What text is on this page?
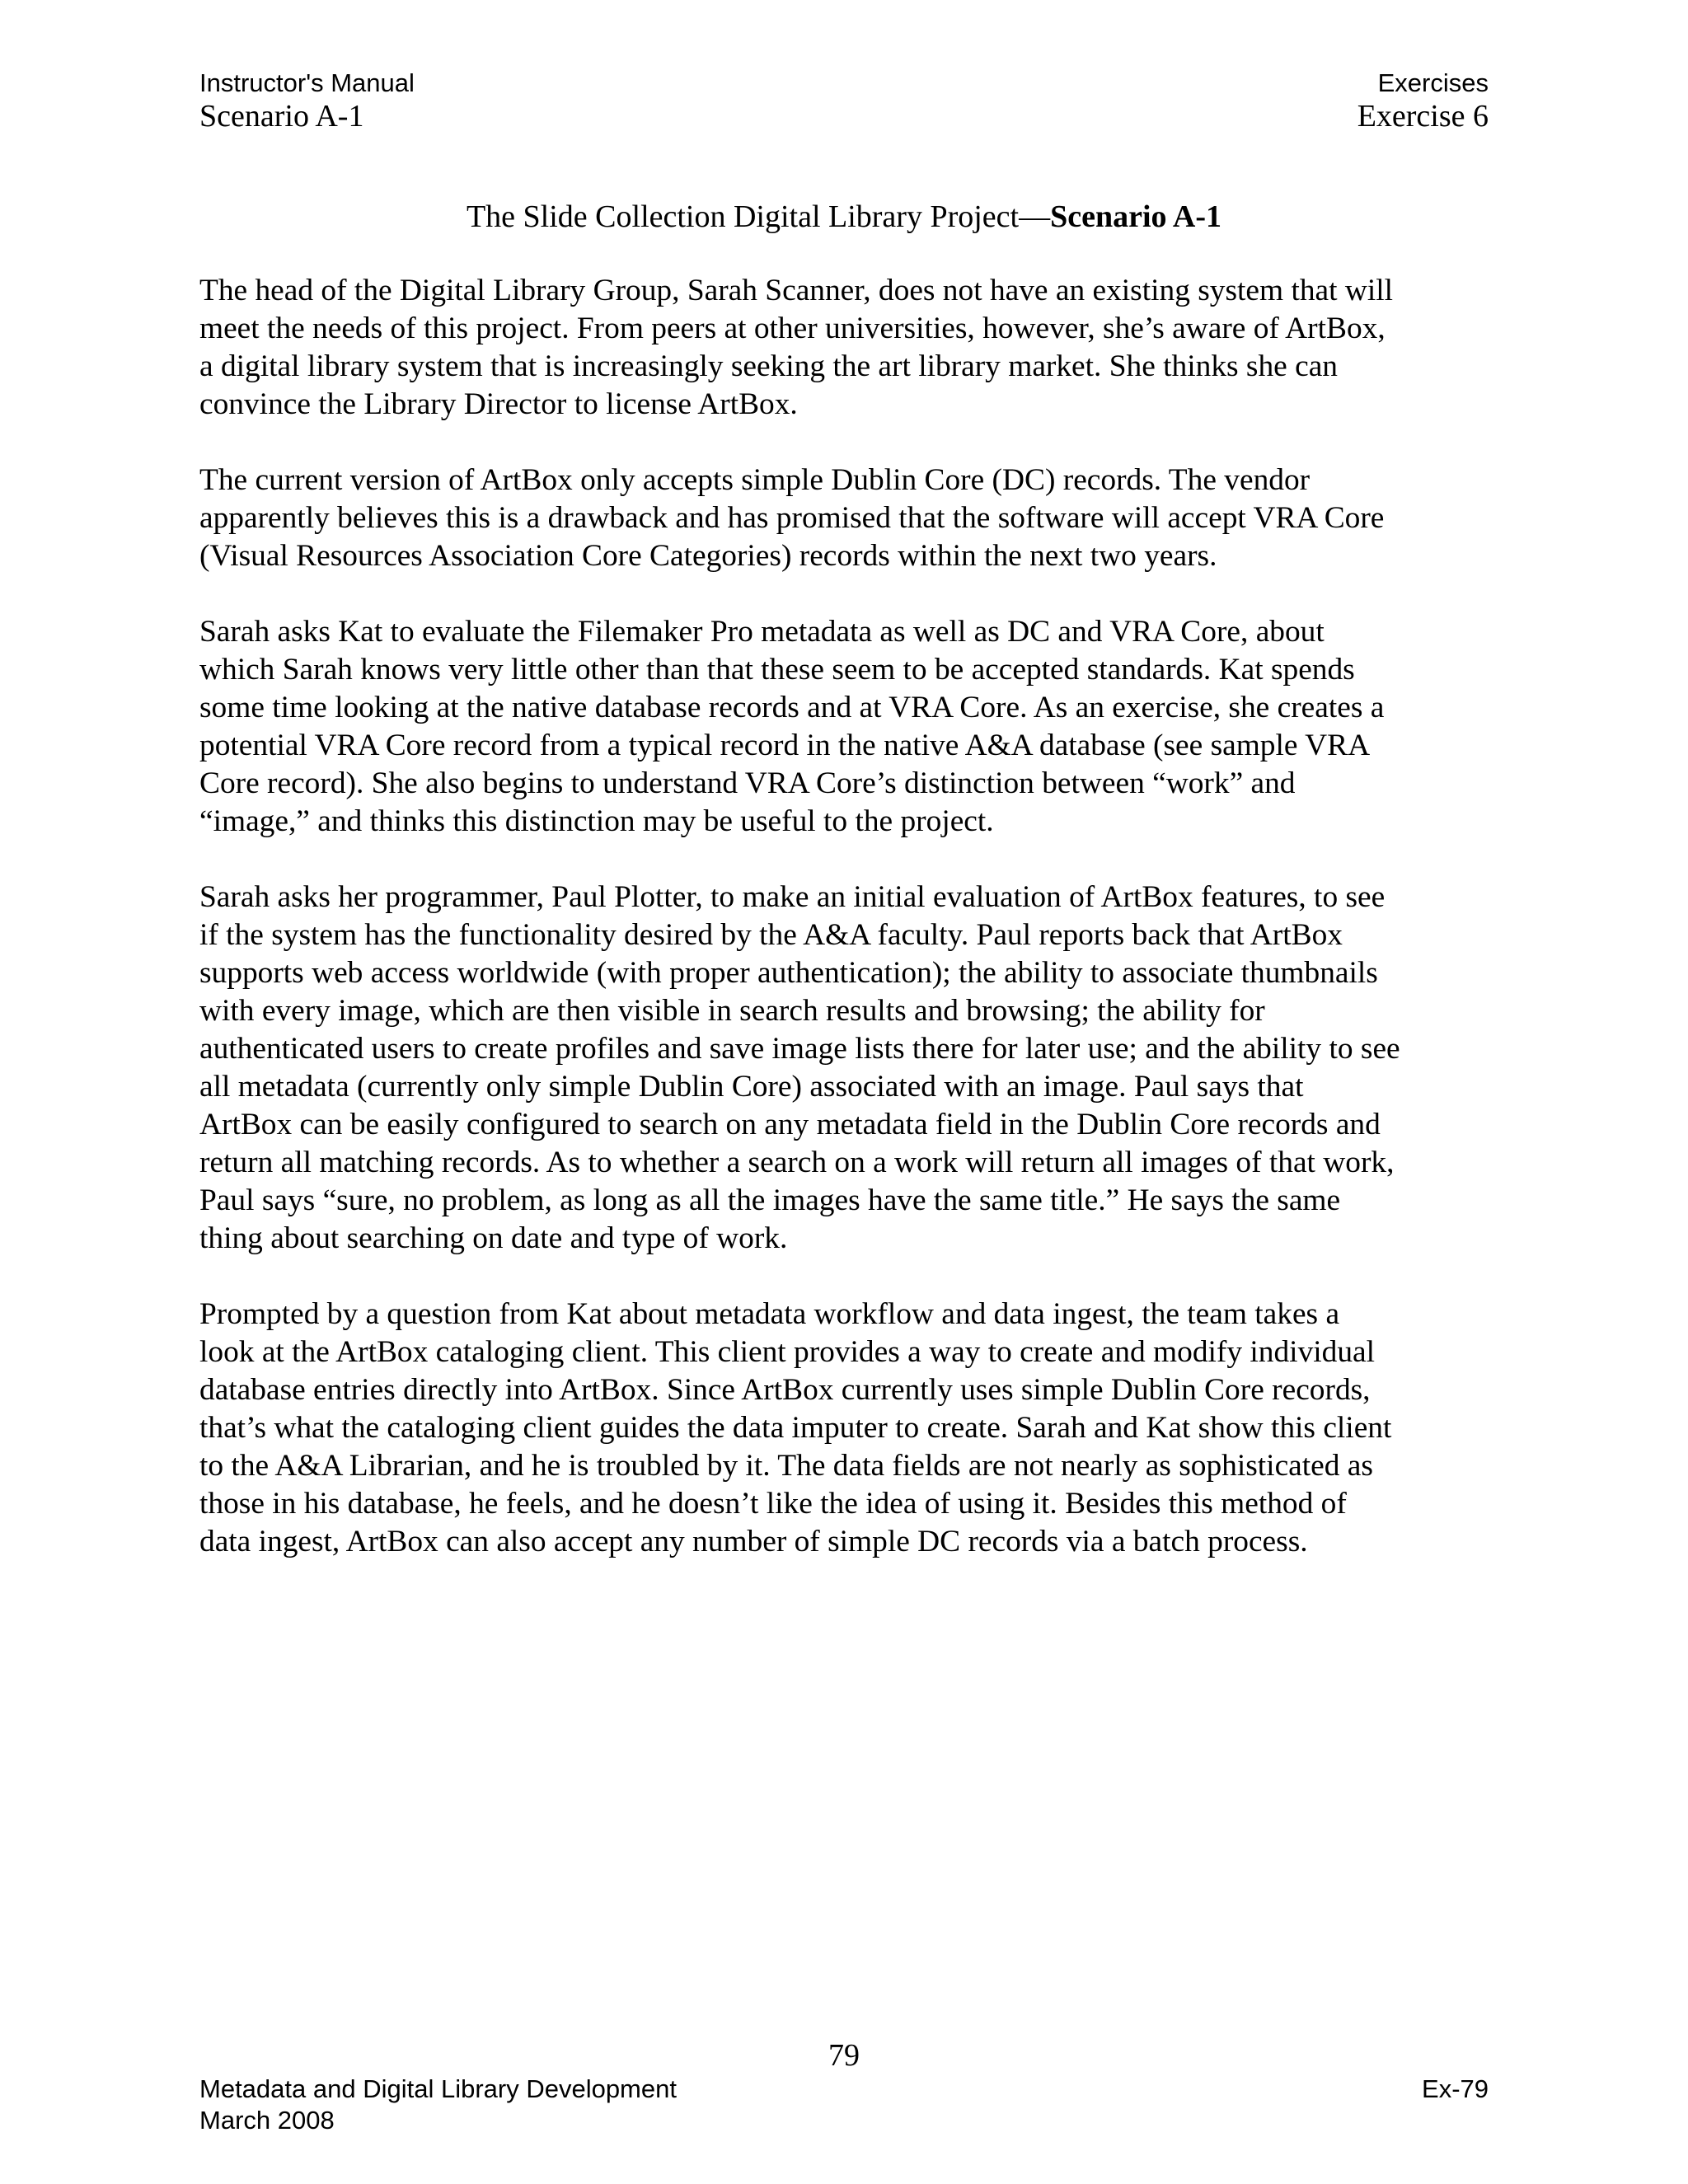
Instructor's Manual
Scenario A-1
Exercises
Exercise 6
The Slide Collection Digital Library Project—Scenario A-1

The head of the Digital Library Group, Sarah Scanner, does not have an existing system that will
meet the needs of this project. From peers at other universities, however, she’s aware of ArtBox,
a digital library system that is increasingly seeking the art library market. She thinks she can
convince the Library Director to license ArtBox.

The current version of ArtBox only accepts simple Dublin Core (DC) records. The vendor
apparently believes this is a drawback and has promised that the software will accept VRA Core
(Visual Resources Association Core Categories) records within the next two years.

Sarah asks Kat to evaluate the Filemaker Pro metadata as well as DC and VRA Core, about
which Sarah knows very little other than that these seem to be accepted standards. Kat spends
some time looking at the native database records and at VRA Core. As an exercise, she creates a
potential VRA Core record from a typical record in the native A&A database (see sample VRA
Core record). She also begins to understand VRA Core’s distinction between “work” and
“image,” and thinks this distinction may be useful to the project.

Sarah asks her programmer, Paul Plotter, to make an initial evaluation of ArtBox features, to see
if the system has the functionality desired by the A&A faculty. Paul reports back that ArtBox
supports web access worldwide (with proper authentication); the ability to associate thumbnails
with every image, which are then visible in search results and browsing; the ability for
authenticated users to create profiles and save image lists there for later use; and the ability to see
all metadata (currently only simple Dublin Core) associated with an image. Paul says that
ArtBox can be easily configured to search on any metadata field in the Dublin Core records and
return all matching records. As to whether a search on a work will return all images of that work,
Paul says “sure, no problem, as long as all the images have the same title.” He says the same
thing about searching on date and type of work.

Prompted by a question from Kat about metadata workflow and data ingest, the team takes a
look at the ArtBox cataloging client. This client provides a way to create and modify individual
database entries directly into ArtBox. Since ArtBox currently uses simple Dublin Core records,
that’s what the cataloging client guides the data imputer to create. Sarah and Kat show this client
to the A&A Librarian, and he is troubled by it. The data fields are not nearly as sophisticated as
those in his database, he feels, and he doesn’t like the idea of using it. Besides this method of
data ingest, ArtBox can also accept any number of simple DC records via a batch process.

79
Metadata and Digital Library Development
March 2008
Ex-79
